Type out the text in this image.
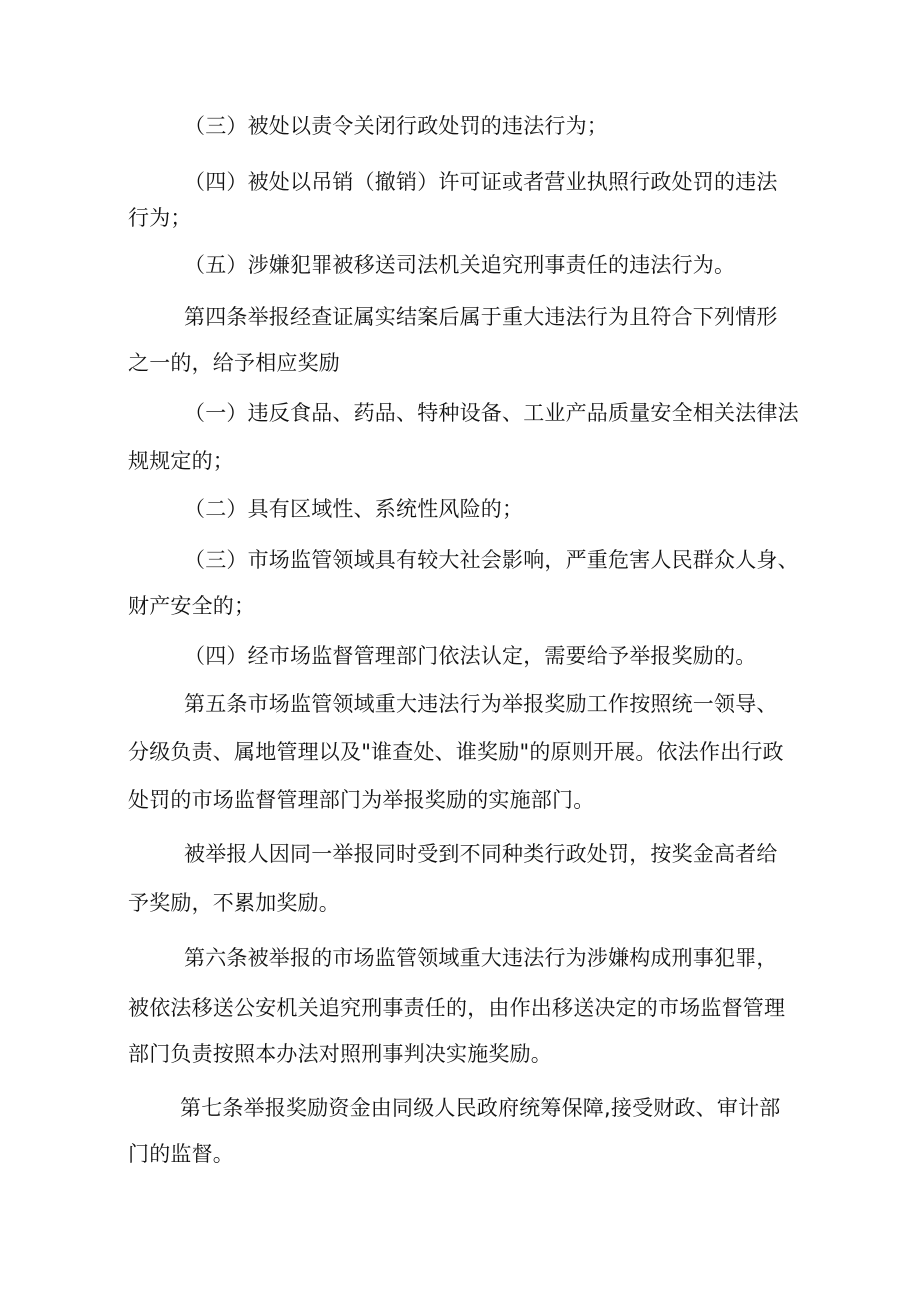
（三）被处以责令关闭行政处罚的违法行为；
（四）被处以吊销（撤销）许可证或者营业执照行政处罚的违法
行为；
（五）涉嫌犯罪被移送司法机关追究刑事责任的违法行为。
第四条举报经查证属实结案后属于重大违法行为且符合下列情形
之一的，给予相应奖励
（一）违反食品、药品、特种设备、工业产品质量安全相关法律法
规规定的；
（二）具有区域性、系统性风险的；
（三）市场监管领域具有较大社会影响，严重危害人民群众人身、
财产安全的；
（四）经市场监督管理部门依法认定，需要给予举报奖励的。
第五条市场监管领域重大违法行为举报奖励工作按照统一领导、
分级负责、属地管理以及"谁查处、谁奖励"的原则开展。依法作出行政
处罚的市场监督管理部门为举报奖励的实施部门。
被举报人因同一举报同时受到不同种类行政处罚，按奖金高者给
予奖励，不累加奖励。
第六条被举报的市场监管领域重大违法行为涉嫌构成刑事犯罪，
被依法移送公安机关追究刑事责任的，由作出移送决定的市场监督管理
部门负责按照本办法对照刑事判决实施奖励。
第七条举报奖励资金由同级人民政府统筹保障,接受财政、审计部
门的监督。
